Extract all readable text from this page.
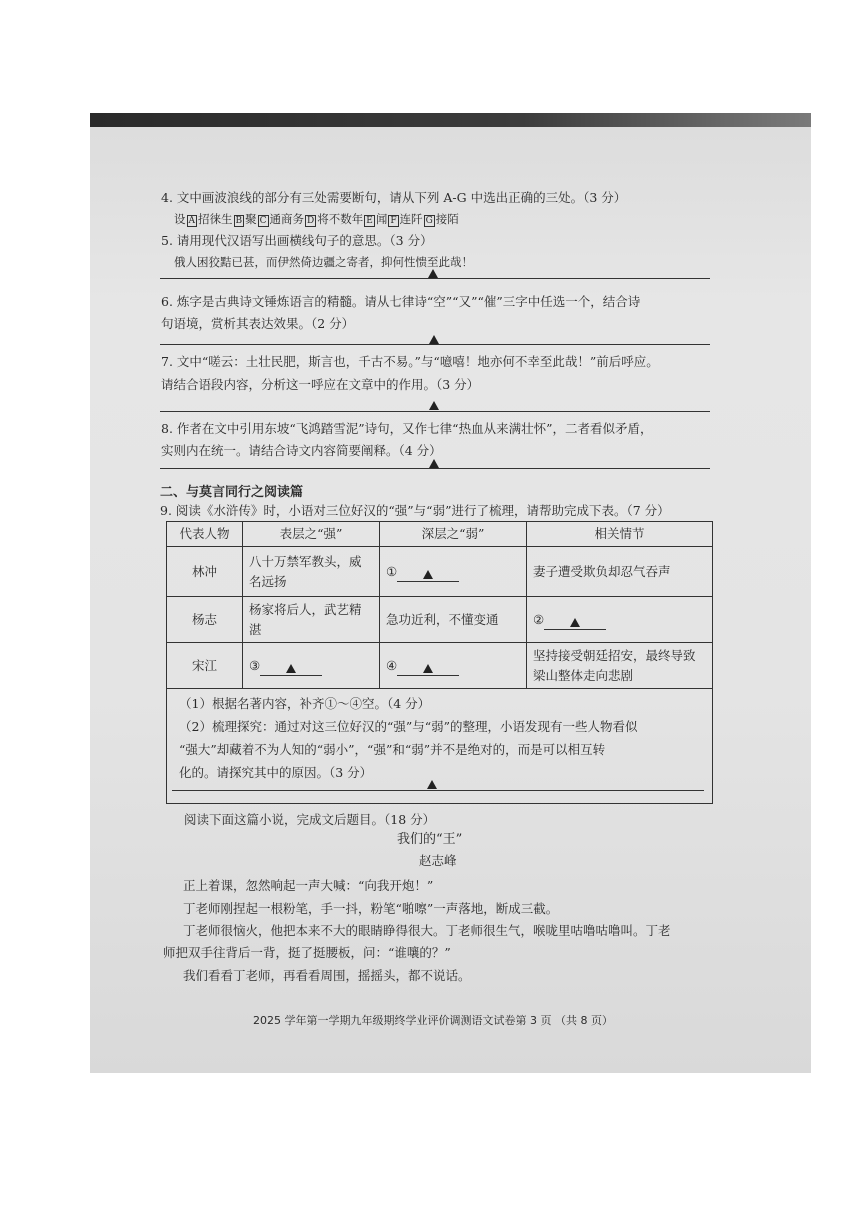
4. 文中画波浪线的部分有三处需要断句，请从下列 A-G 中选出正确的三处。（3 分）
设 A 招徕生 B 聚 C 通商务 D 将不数年 E 闻 F 连阡 G 接陌
5. 请用现代汉语写出画横线句子的意思。（3 分）
俄人困狡黠已甚，而伊然倚边疆之寄者，抑何性愦至此哉！
6. 炼字是古典诗文锤炼语言的精髓。请从七律诗“空”“又”“催”三字中任选一个，结合诗
句语境，赏析其表达效果。（2 分）
7. 文中“嗟云：土壮民肥，斯言也，千古不易。”与“噫嘻！地亦何不幸至此哉！”前后呼应。
请结合语段内容，分析这一呼应在文章中的作用。（3 分）
8. 作者在文中引用东坡“飞鸿踏雪泥”诗句，又作七律“热血从来满壮怀”，二者看似矛盾，
实则内在统一。请结合诗文内容简要阐释。（4 分）
二、与莫言同行之阅读篇
9. 阅读《水浒传》时，小语对三位好汉的“强”与“弱”进行了梳理，请帮助完成下表。（7 分）
代表人物	表层之“强”	深层之“弱”	相关情节
林冲	八十万禁军教头，威名远扬	①	妻子遭受欺负却忍气吞声
杨志	杨家将后人，武艺精湛	急功近利，不懂变通	②

宋江	③	④	坚持接受朝廷招安，最终导致梁山整体走向悲剧

（1）根据名著内容，补齐①～④空。（4 分）
（2）梳理探究：通过对这三位好汉的“强”与“弱”的整理，小语发现有一些人物看似
“强大”却藏着不为人知的“弱小”，“强”和“弱”并不是绝对的，而是可以相互转
化的。请探究其中的原因。（3 分）			
阅读下面这篇小说，完成文后题目。（18 分）
我们的“王”
赵志峰
正上着课，忽然响起一声大喊：“向我开炮！”
丁老师刚捏起一根粉笔，手一抖，粉笔“啪嚓”一声落地，断成三截。
丁老师很恼火，他把本来不大的眼睛睁得很大。丁老师很生气，喉咙里咕噜咕噜叫。丁老
师把双手往背后一背，挺了挺腰板，问：“谁嚷的？”
我们看看丁老师，再看看周围，摇摇头，都不说话。
2025 学年第一学期九年级期终学业评价调测语文试卷第 3 页 （共 8 页）
